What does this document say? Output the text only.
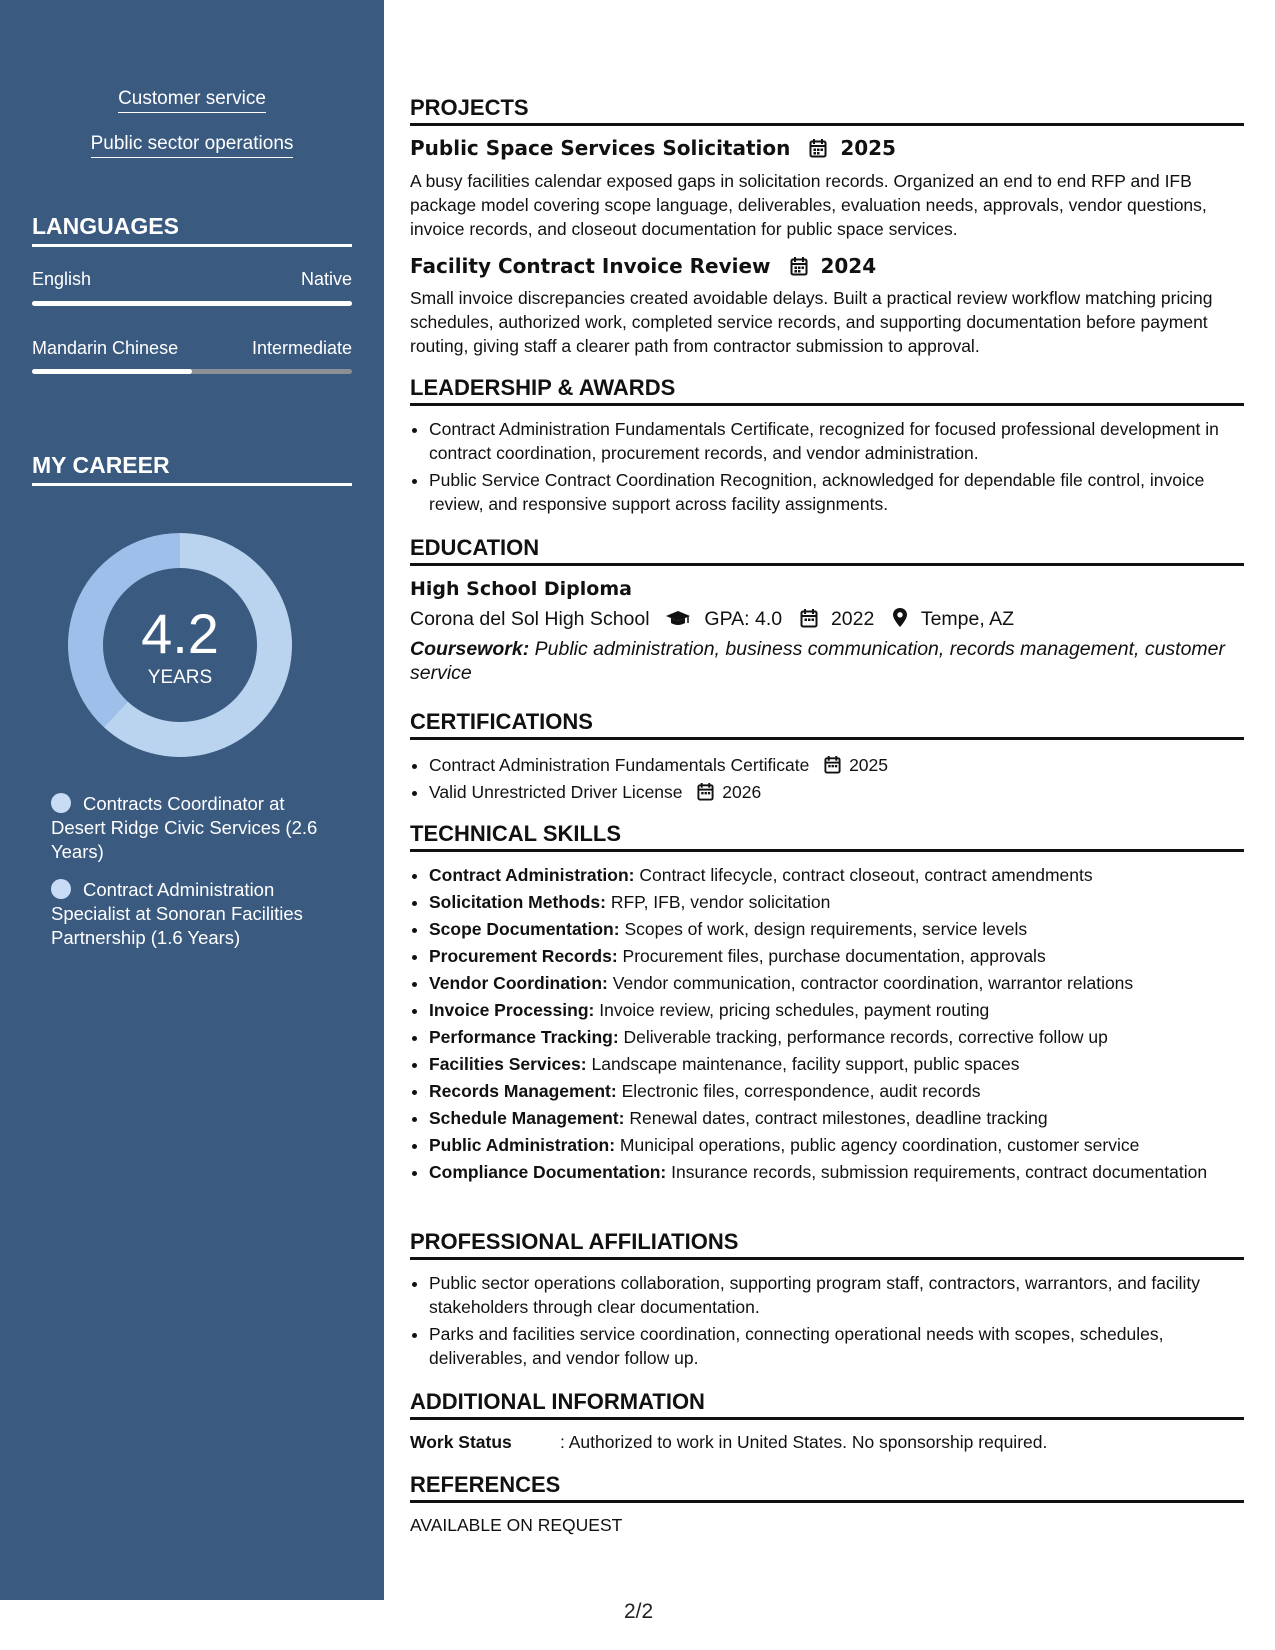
Customer service
Public sector operations
LANGUAGES
English	Native
Mandarin Chinese	Intermediate
MY CAREER
4.2
YEARS
Contracts Coordinator at Desert Ridge Civic Services (2.6 Years)
Contract Administration Specialist at Sonoran Facilities Partnership (1.6 Years)
PROJECTS
Public Space Services Solicitation 2025
A busy facilities calendar exposed gaps in solicitation records. Organized an end to end RFP and IFB package model covering scope language, deliverables, evaluation needs, approvals, vendor questions, invoice records, and closeout documentation for public space services.
Facility Contract Invoice Review 2024
Small invoice discrepancies created avoidable delays. Built a practical review workflow matching pricing schedules, authorized work, completed service records, and supporting documentation before payment routing, giving staff a clearer path from contractor submission to approval.
LEADERSHIP & AWARDS
• Contract Administration Fundamentals Certificate, recognized for focused professional development in contract coordination, procurement records, and vendor administration.
• Public Service Contract Coordination Recognition, acknowledged for dependable file control, invoice review, and responsive support across facility assignments.
EDUCATION
High School Diploma
Corona del Sol High School	GPA: 4.0	2022 Tempe, AZ
Coursework: Public administration, business communication, records management, customer service
CERTIFICATIONS
• Contract Administration Fundamentals Certificate 2025
• Valid Unrestricted Driver License 2026
TECHNICAL SKILLS
• Contract Administration: Contract lifecycle, contract closeout, contract amendments
• Solicitation Methods: RFP, IFB, vendor solicitation
• Scope Documentation: Scopes of work, design requirements, service levels
• Procurement Records: Procurement files, purchase documentation, approvals
• Vendor Coordination: Vendor communication, contractor coordination, warrantor relations
• Invoice Processing: Invoice review, pricing schedules, payment routing
• Performance Tracking: Deliverable tracking, performance records, corrective follow up
• Facilities Services: Landscape maintenance, facility support, public spaces
• Records Management: Electronic files, correspondence, audit records
• Schedule Management: Renewal dates, contract milestones, deadline tracking
• Public Administration: Municipal operations, public agency coordination, customer service
• Compliance Documentation: Insurance records, submission requirements, contract documentation
PROFESSIONAL AFFILIATIONS
• Public sector operations collaboration, supporting program staff, contractors, warrantors, and facility stakeholders through clear documentation.
• Parks and facilities service coordination, connecting operational needs with scopes, schedules, deliverables, and vendor follow up.
ADDITIONAL INFORMATION
Work Status	: Authorized to work in United States. No sponsorship required.
REFERENCES
AVAILABLE ON REQUEST
2/2
